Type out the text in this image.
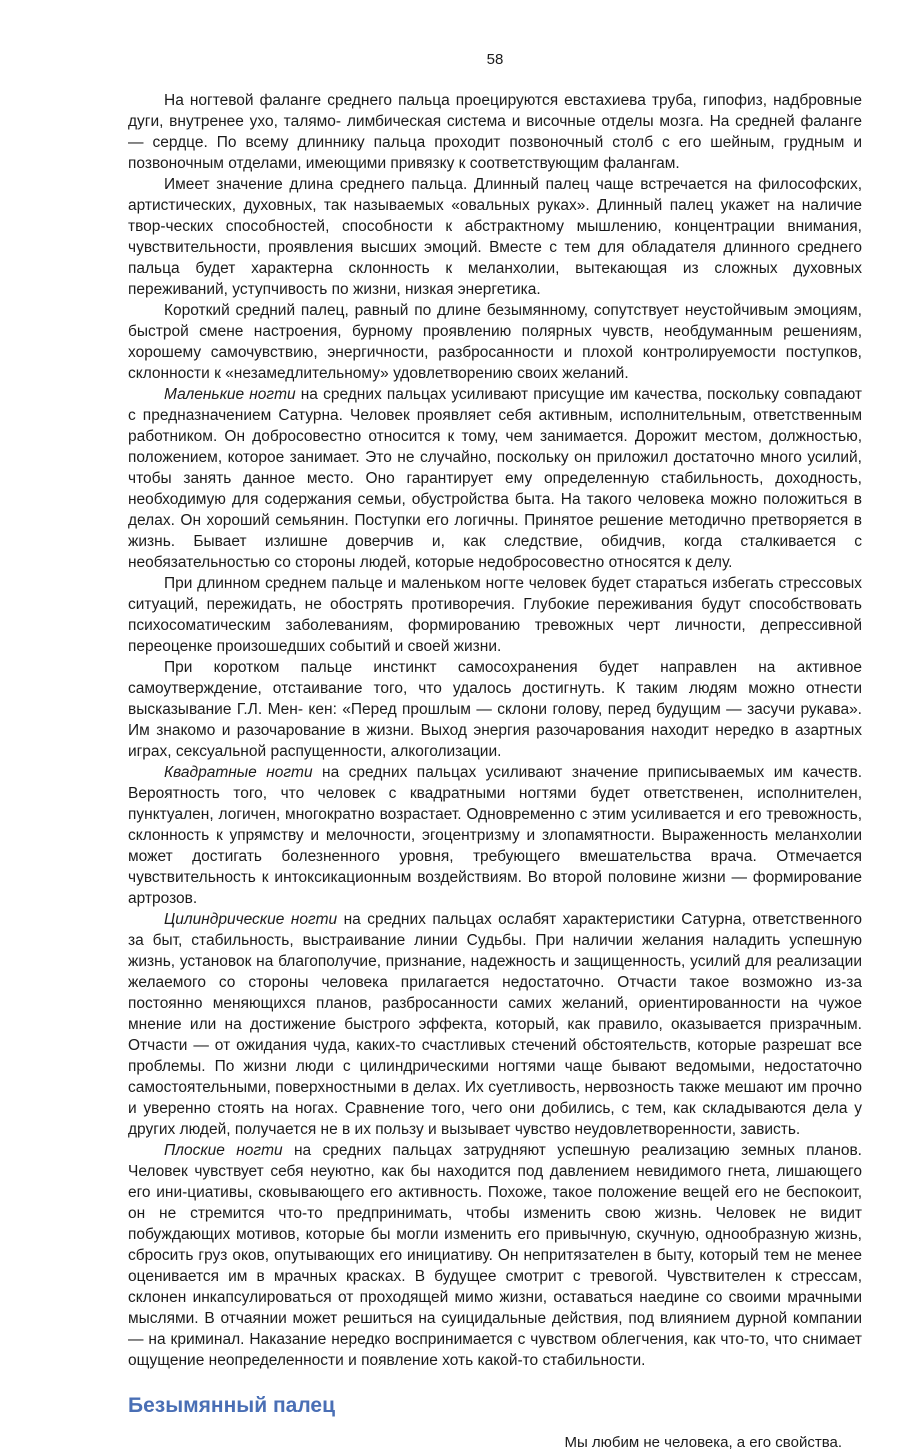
58

На ногтевой фаланге среднего пальца проецируются евстахиева труба, гипофиз, надбровные дуги, внутренее ухо, талямо- лимбическая система и височные отделы мозга. На средней фаланге — сердце. По всему длиннику пальца проходит позвоночный столб с его шейным, грудным и позвоночным отделами, имеющими привязку к соответствующим фалангам.

Имеет значение длина среднего пальца. Длинный палец чаще встречается на философских, артистических, духовных, так называемых «овальных руках». Длинный палец укажет на наличие твор-ческих способностей, способности к абстрактному мышлению, концентрации внимания, чувствительности, проявления высших эмоций. Вместе с тем для обладателя длинного среднего пальца будет характерна склонность к меланхолии, вытекающая из сложных духовных переживаний, уступчивость по жизни, низкая энергетика.

Короткий средний палец, равный по длине безымянному, сопутствует неустойчивым эмоциям, быстрой смене настроения, бурному проявлению полярных чувств, необдуманным решениям, хорошему самочувствию, энергичности, разбросанности и плохой контролируемости поступков, склонности к «незамедлительному» удовлетворению своих желаний.

Маленькие ногти на средних пальцах усиливают присущие им качества, поскольку совпадают с предназначением Сатурна. Человек проявляет себя активным, исполнительным, ответственным работником. Он добросовестно относится к тому, чем занимается. Дорожит местом, должностью, положением, которое занимает. Это не случайно, поскольку он приложил достаточно много усилий, чтобы занять данное место. Оно гарантирует ему определенную стабильность, доходность, необходимую для содержания семьи, обустройства быта. На такого человека можно положиться в делах. Он хороший семьянин. Поступки его логичны. Принятое решение методично претворяется в жизнь. Бывает излишне доверчив и, как следствие, обидчив, когда сталкивается с необязательностью со стороны людей, которые недобросовестно относятся к делу.

При длинном среднем пальце и маленьком ногте человек будет стараться избегать стрессовых ситуаций, пережидать, не обострять противоречия. Глубокие переживания будут способствовать психосоматическим заболеваниям, формированию тревожных черт личности, депрессивной переоценке произошедших событий и своей жизни.

При коротком пальце инстинкт самосохранения будет направлен на активное самоутверждение, отстаивание того, что удалось достигнуть. К таким людям можно отнести высказывание Г.Л. Мен- кен: «Перед прошлым — склони голову, перед будущим — засучи рукава». Им знакомо и разочарование в жизни. Выход энергия разочарования находит нередко в азартных играх, сексуальной распущенности, алкоголизации.

Квадратные ногти на средних пальцах усиливают значение приписываемых им качеств. Вероятность того, что человек с квадратными ногтями будет ответственен, исполнителен, пунктуален, логичен, многократно возрастает. Одновременно с этим усиливается и его тревожность, склонность к упрямству и мелочности, эгоцентризму и злопамятности. Выраженность меланхолии может достигать болезненного уровня, требующего вмешательства врача. Отмечается чувствительность к интоксикационным воздействиям. Во второй половине жизни — формирование артрозов.

Цилиндрические ногти на средних пальцах ослабят характеристики Сатурна, ответственного за быт, стабильность, выстраивание линии Судьбы. При наличии желания наладить успешную жизнь, установок на благополучие, признание, надежность и защищенность, усилий для реализации желаемого со стороны человека прилагается недостаточно. Отчасти такое возможно из-за постоянно меняющихся планов, разбросанности самих желаний, ориентированности на чужое мнение или на достижение быстрого эффекта, который, как правило, оказывается призрачным. Отчасти — от ожидания чуда, каких-то счастливых стечений обстоятельств, которые разрешат все проблемы. По жизни люди с цилиндрическими ногтями чаще бывают ведомыми, недостаточно самостоятельными, поверхностными в делах. Их суетливость, нервозность также мешают им прочно и уверенно стоять на ногах. Сравнение того, чего они добились, с тем, как складываются дела у других людей, получается не в их пользу и вызывает чувство неудовлетворенности, зависть.

Плоские ногти на средних пальцах затрудняют успешную реализацию земных планов. Человек чувствует себя неуютно, как бы находится под давлением невидимого гнета, лишающего его ини-циативы, сковывающего его активность. Похоже, такое положение вещей его не беспокоит, он не стремится что-то предпринимать, чтобы изменить свою жизнь. Человек не видит побуждающих мотивов, которые бы могли изменить его привычную, скучную, однообразную жизнь, сбросить груз оков, опутывающих его инициативу. Он непритязателен в быту, который тем не менее оценивается им в мрачных красках. В будущее смотрит с тревогой. Чувствителен к стрессам, склонен инкапсулироваться от проходящей мимо жизни, оставаться наедине со своими мрачными мыслями. В отчаянии может решиться на суицидальные действия, под влиянием дурной компании — на криминал. Наказание нередко воспринимается с чувством облегчения, как что-то, что снимает ощущение неопределенности и появление хоть какой-то стабильности.

Безымянный палец
Мы любим не человека, а его свойства.
